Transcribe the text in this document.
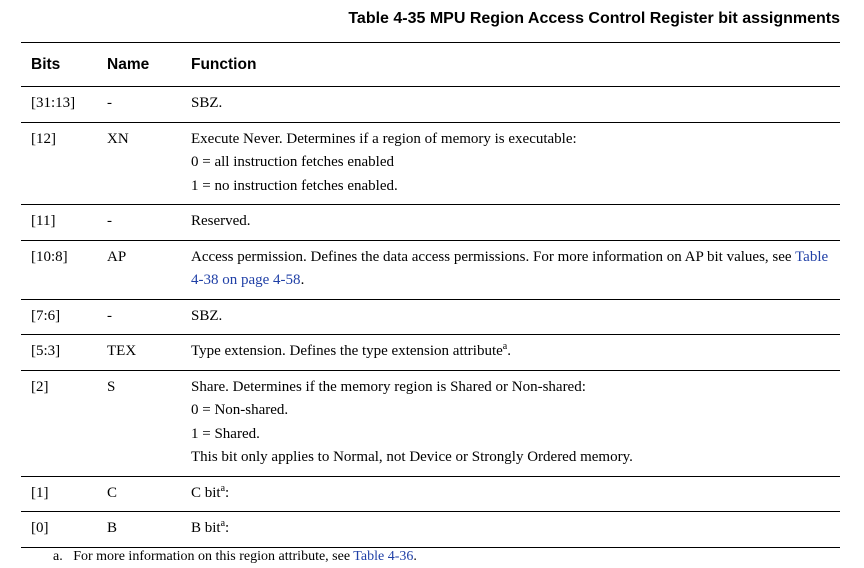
Table 4-35 MPU Region Access Control Register bit assignments
Bits	Name	Function
[31:13]	-	SBZ.

[12]	XN	Execute Never. Determines if a region of memory is executable:
0 = all instruction fetches enabled
1 = no instruction fetches enabled.

[11]	-	Reserved.

[10:8]	AP	Access permission. Defines the data access permissions. For more information on AP bit values, see Table 4-38 on page 4-58.

[7:6]	-	SBZ.

[5:3]	TEX	Type extension. Defines the type extension attribute$^a$.

[2]	S	Share. Determines if the memory region is Shared or Non-shared:
0 = Non-shared.
1 = Shared.
This bit only applies to Normal, not Device or Strongly Ordered memory.

[1]	C	C bit$^a$:

[0]	B	B bit$^a$:
a. For more information on this region attribute, see Table 4-36.
